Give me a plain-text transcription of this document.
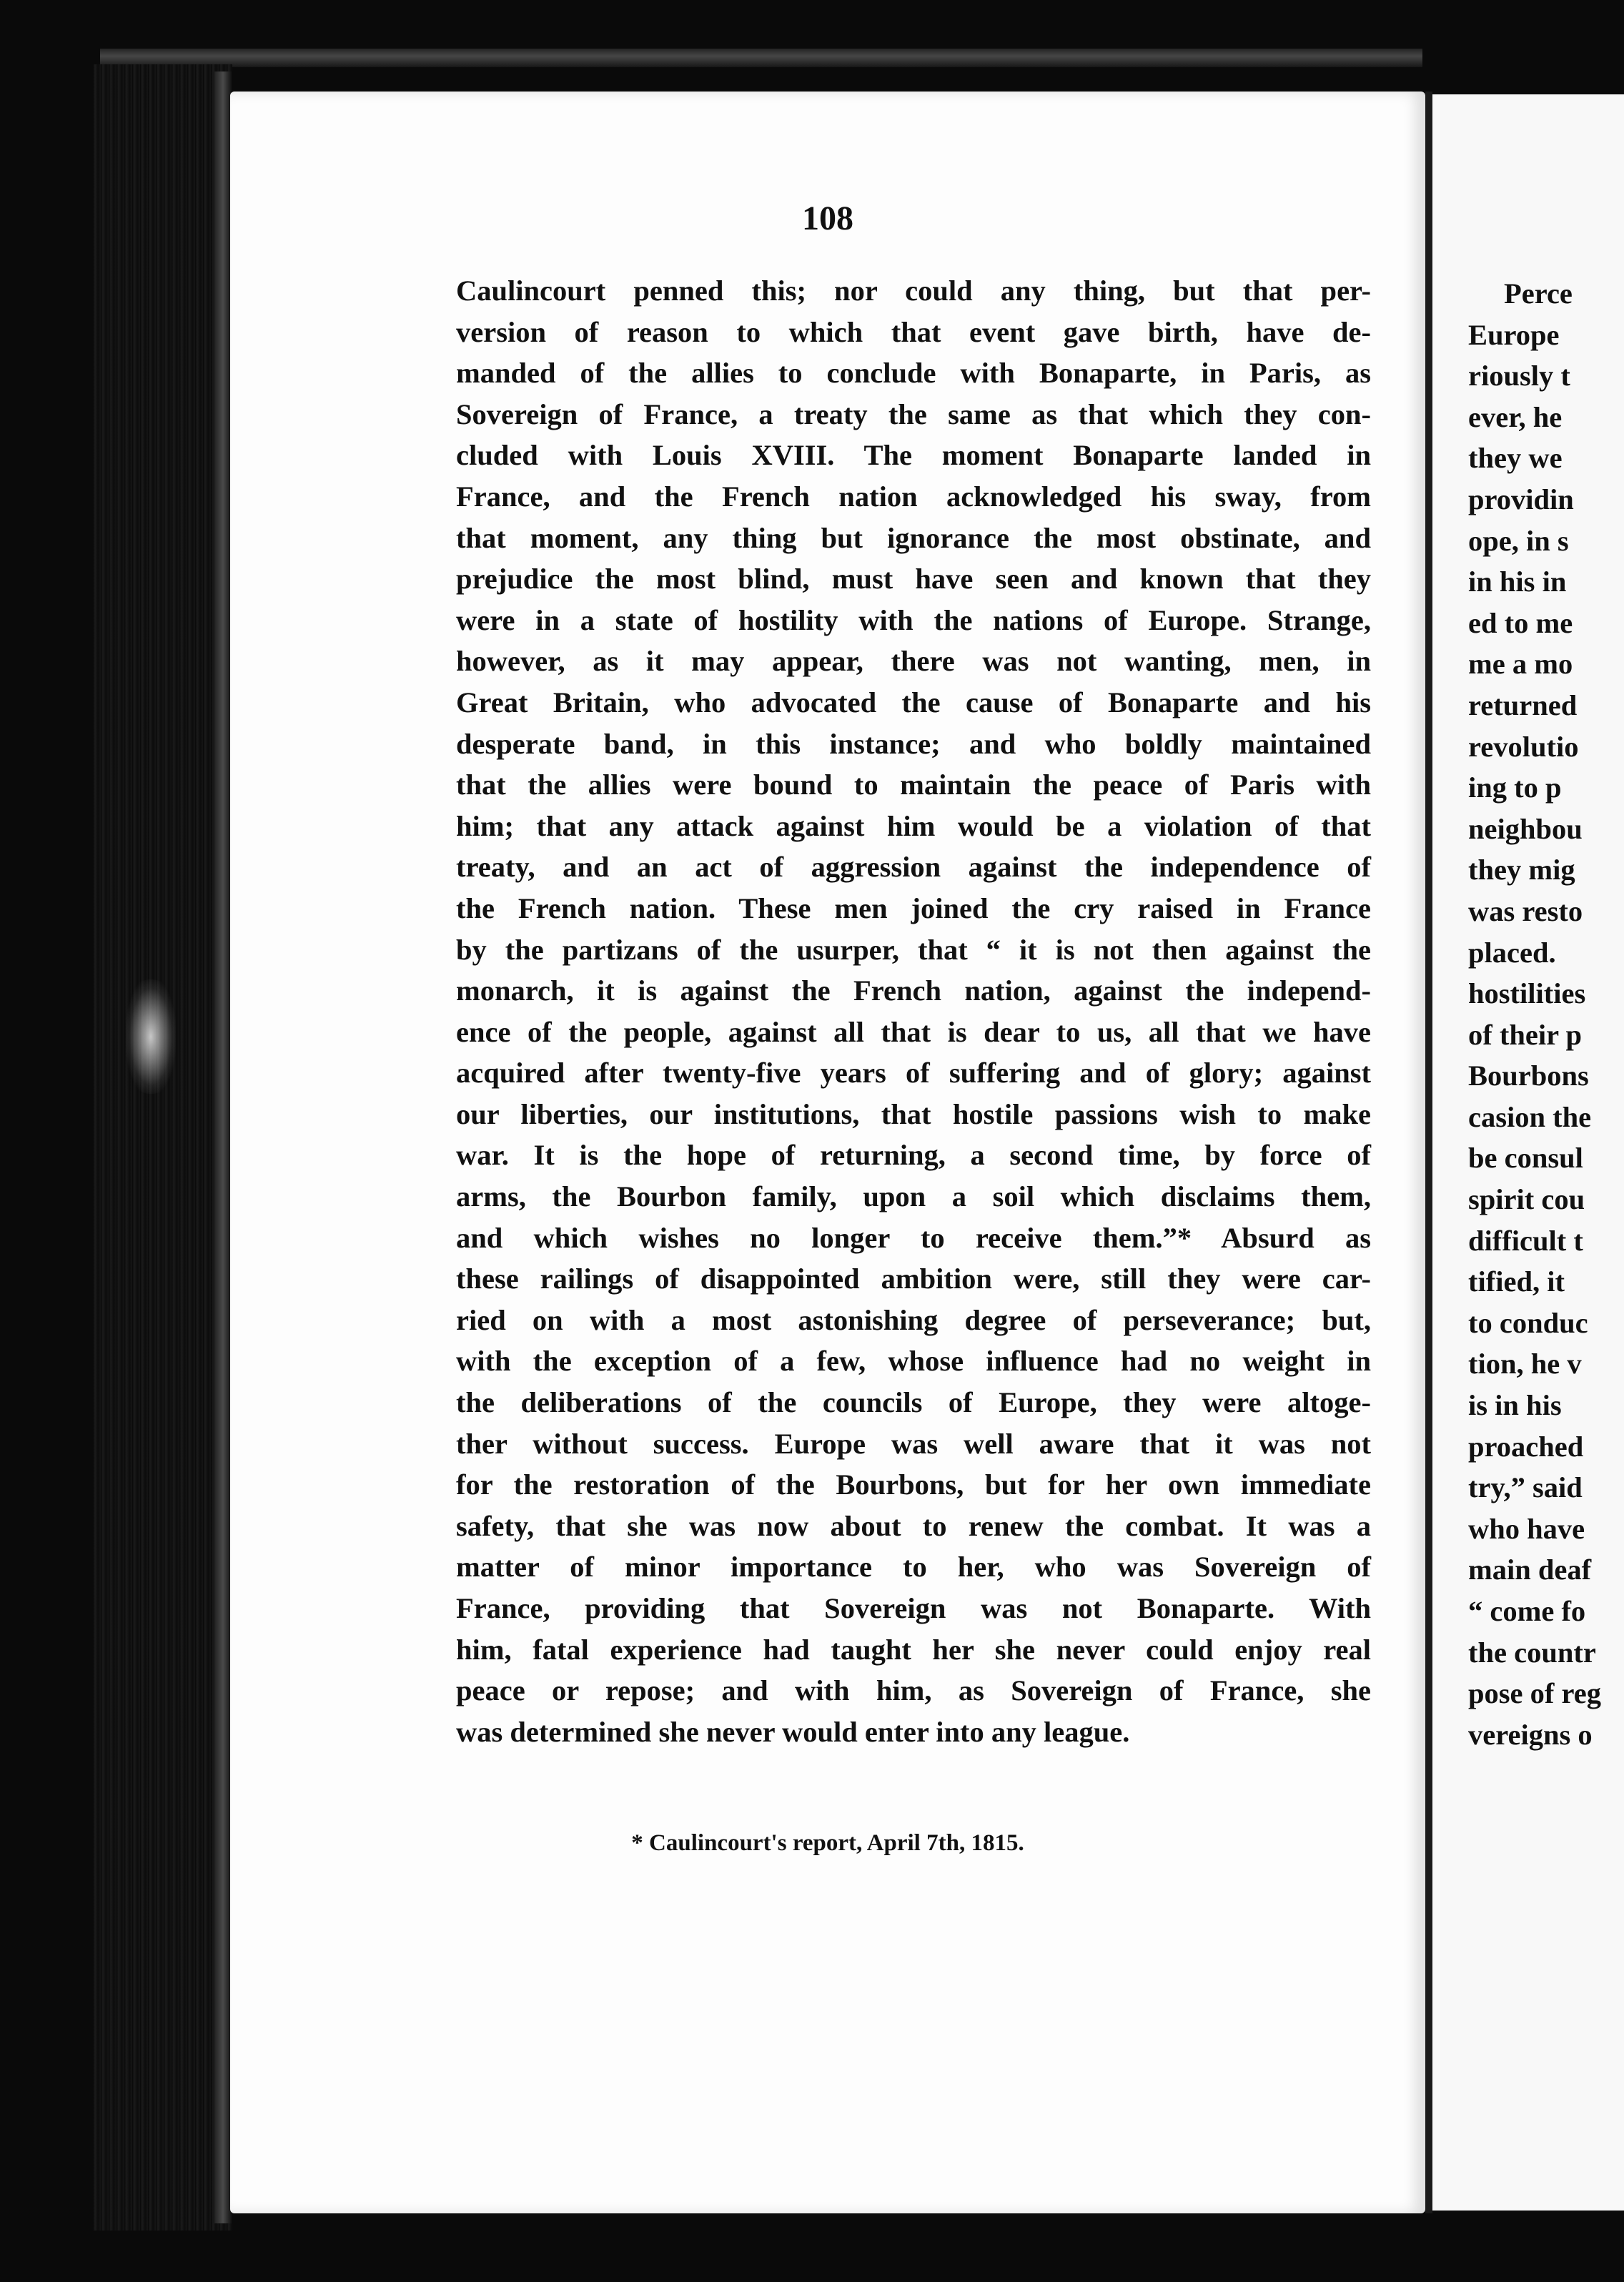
108
Caulincourt penned this; nor could any thing, but that per-
version of reason to which that event gave birth, have de-
manded of the allies to conclude with Bonaparte, in Paris, as
Sovereign of France, a treaty the same as that which they con-
cluded with Louis XVIII. The moment Bonaparte landed in
France, and the French nation acknowledged his sway, from
that moment, any thing but ignorance the most obstinate, and
prejudice the most blind, must have seen and known that they
were in a state of hostility with the nations of Europe. Strange,
however, as it may appear, there was not wanting, men, in
Great Britain, who advocated the cause of Bonaparte and his
desperate band, in this instance; and who boldly maintained
that the allies were bound to maintain the peace of Paris with
him; that any attack against him would be a violation of that
treaty, and an act of aggression against the independence of
the French nation. These men joined the cry raised in France
by the partizans of the usurper, that “ it is not then against the
monarch, it is against the French nation, against the independ-
ence of the people, against all that is dear to us, all that we have
acquired after twenty-five years of suffering and of glory; against
our liberties, our institutions, that hostile passions wish to make
war. It is the hope of returning, a second time, by force of
arms, the Bourbon family, upon a soil which disclaims them,
and which wishes no longer to receive them.”* Absurd as
these railings of disappointed ambition were, still they were car-
ried on with a most astonishing degree of perseverance; but,
with the exception of a few, whose influence had no weight in
the deliberations of the councils of Europe, they were altoge-
ther without success. Europe was well aware that it was not
for the restoration of the Bourbons, but for her own immediate
safety, that she was now about to renew the combat. It was a
matter of minor importance to her, who was Sovereign of
France, providing that Sovereign was not Bonaparte. With
him, fatal experience had taught her she never could enjoy real
peace or repose; and with him, as Sovereign of France, she
was determined she never would enter into any league.
* Caulincourt's report, April 7th, 1815.
Perce
Europe
riously t
ever, he
they we
providin
ope, in s
in his in
ed to me
me a mo
returned
revolutio
ing to p
neighbou
they mig
was resto
placed.
hostilities
of their p
Bourbons
casion the
be consul
spirit cou
difficult t
tified, it
to conduc
tion, he v
is in his
proached
try,” said
who have
main deaf
“ come fo
the countr
pose of reg
vereigns o
